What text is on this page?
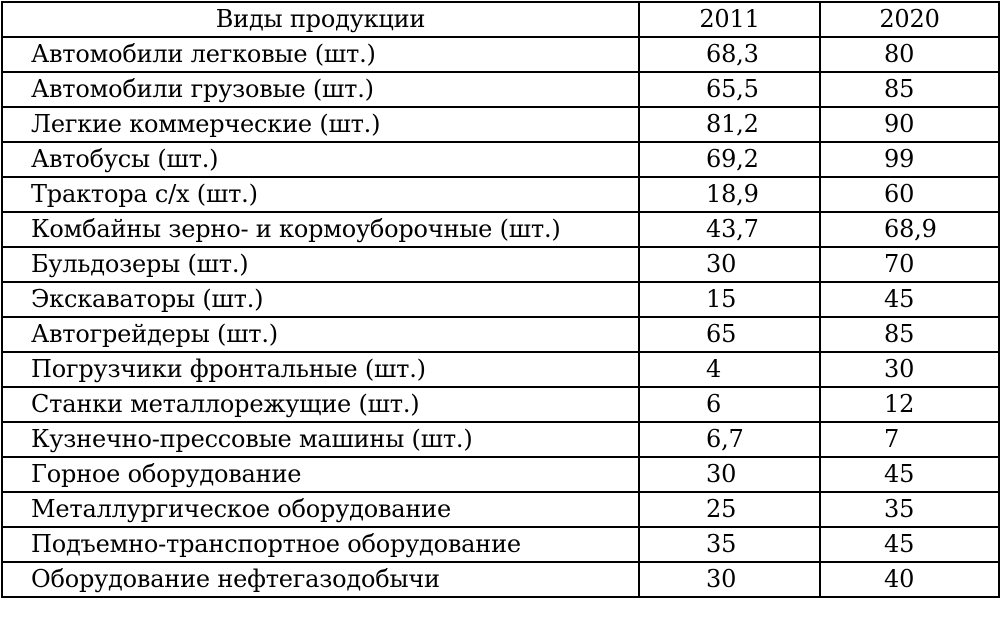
Виды продукции	2011	2020
Автомобили легковые (шт.)	68,3	80
Автомобили грузовые (шт.)	65,5	85
Легкие коммерческие (шт.)	81,2	90
Автобусы (шт.)	69,2	99
Трактора с/х (шт.)	18,9	60
Комбайны зерно- и кормоуборочные (шт.)	43,7	68,9
Бульдозеры (шт.)	30	70
Экскаваторы (шт.)	15	45
Автогрейдеры (шт.)	65	85
Погрузчики фронтальные (шт.)	4	30
Станки металлорежущие (шт.)	6	12
Кузнечно-прессовые машины (шт.)	6,7	7
Горное оборудование	30	45
Металлургическое оборудование	25	35
Подъемно-транспортное оборудование	35	45
Оборудование нефтегазодобычи	30	40
